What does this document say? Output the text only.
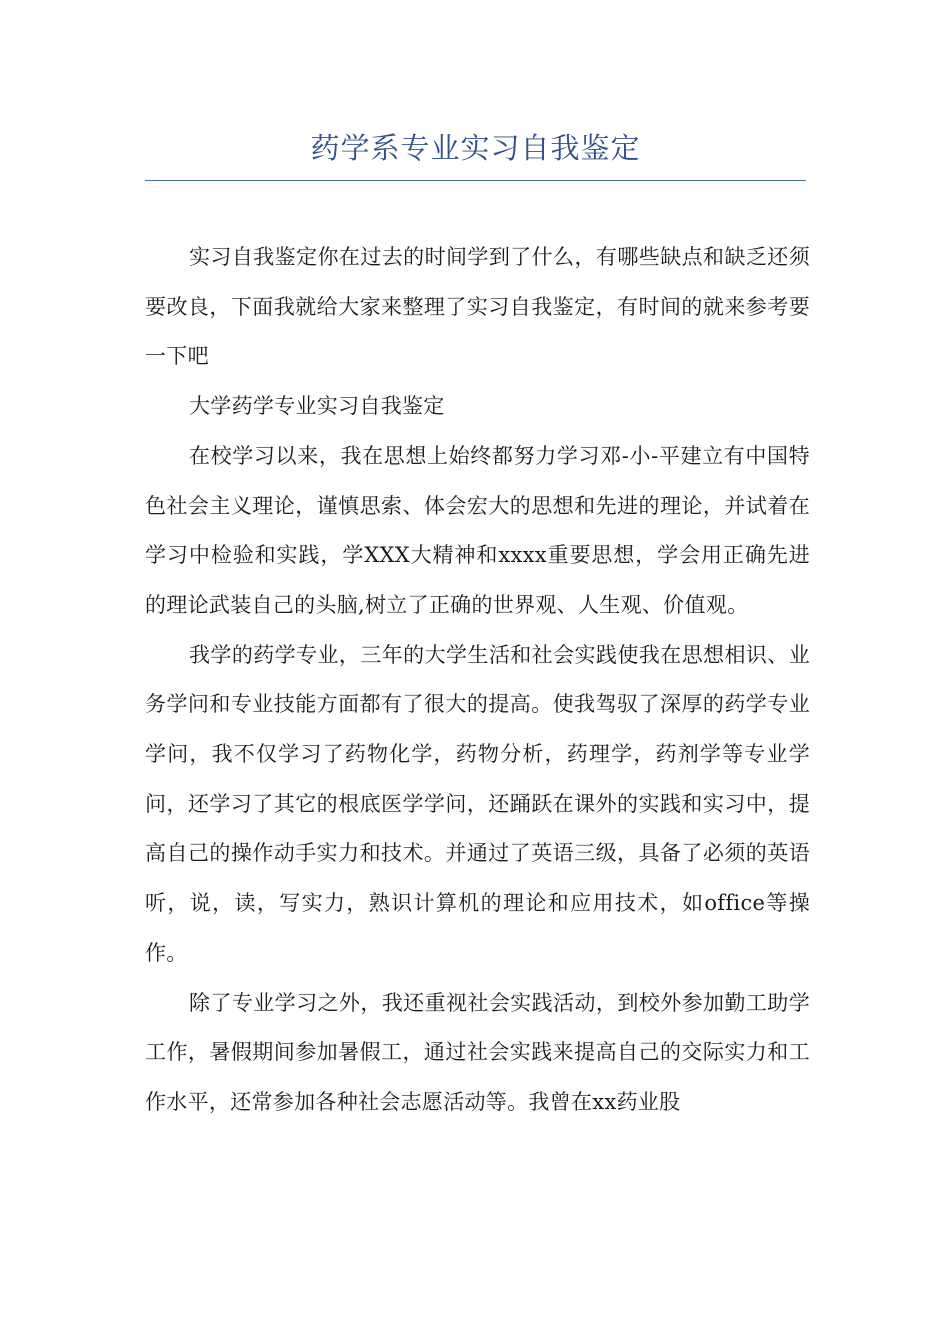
药学系专业实习自我鉴定

实习自我鉴定你在过去的时间学到了什么，有哪些缺点和缺乏还须要改良，下面我就给大家来整理了实习自我鉴定，有时间的就来参考要一下吧

大学药学专业实习自我鉴定

在校学习以来，我在思想上始终都努力学习邓-小-平建立有中国特色社会主义理论，谨慎思索、体会宏大的思想和先进的理论，并试着在学习中检验和实践，学XXX大精神和xxxx重要思想，学会用正确先进的理论武装自己的头脑,树立了正确的世界观、人生观、价值观。

我学的药学专业，三年的大学生活和社会实践使我在思想相识、业务学问和专业技能方面都有了很大的提高。使我驾驭了深厚的药学专业学问，我不仅学习了药物化学，药物分析，药理学，药剂学等专业学问，还学习了其它的根底医学学问，还踊跃在课外的实践和实习中，提高自己的操作动手实力和技术。并通过了英语三级，具备了必须的英语听，说，读，写实力，熟识计算机的理论和应用技术，如office等操作。

除了专业学习之外，我还重视社会实践活动，到校外参加勤工助学工作，暑假期间参加暑假工，通过社会实践来提高自己的交际实力和工作水平，还常参加各种社会志愿活动等。我曾在xx药业股
